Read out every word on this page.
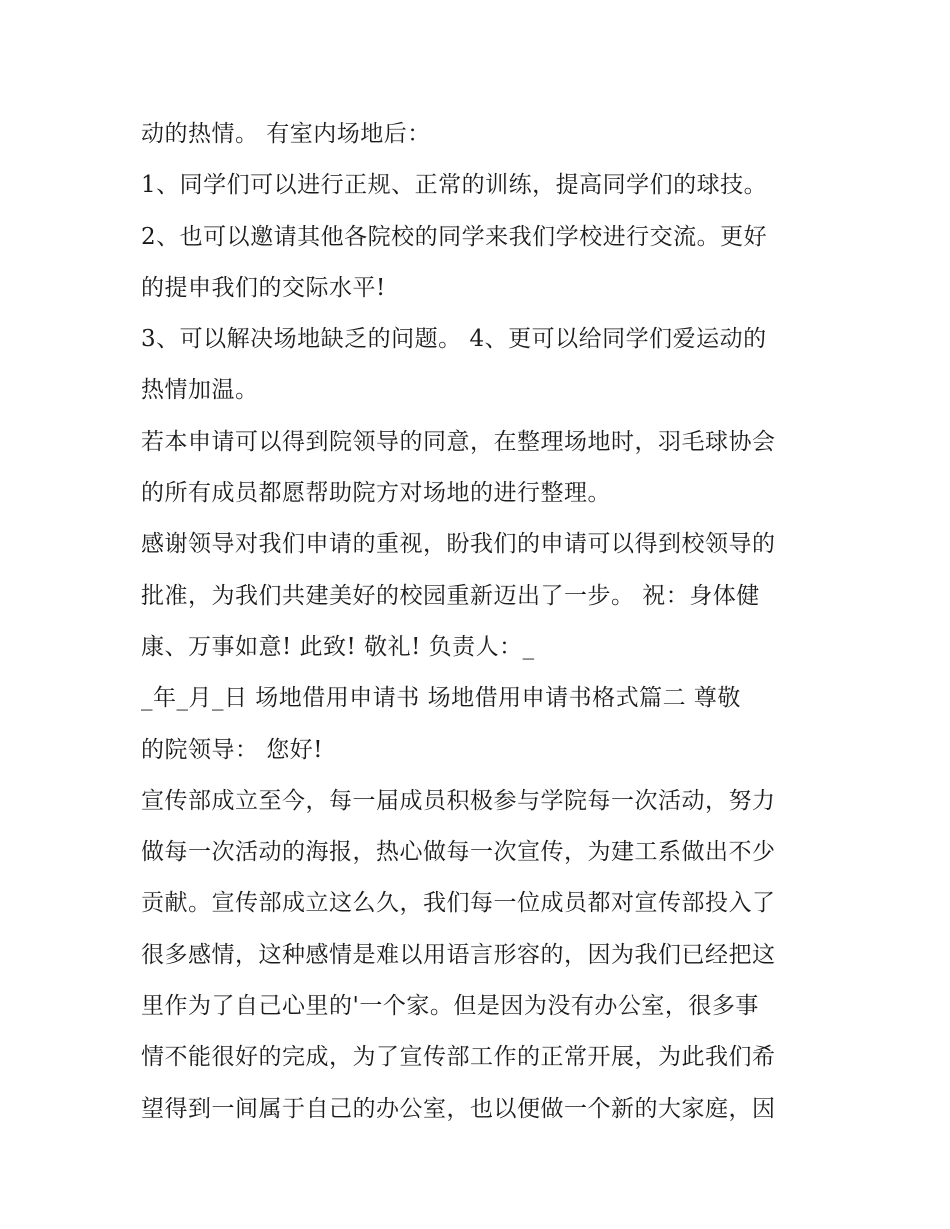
动的热情。 有室内场地后：
1、同学们可以进行正规、正常的训练，提高同学们的球技。
2、也可以邀请其他各院校的同学来我们学校进行交流。更好
的提申我们的交际水平!
3、可以解决场地缺乏的问题。 4、更可以给同学们爱运动的
热情加温。
若本申请可以得到院领导的同意，在整理场地时，羽毛球协会
的所有成员都愿帮助院方对场地的进行整理。
感谢领导对我们申请的重视，盼我们的申请可以得到校领导的
批准，为我们共建美好的校园重新迈出了一步。 祝：身体健
康、万事如意! 此致! 敬礼! 负责人：_
_年_月_日 场地借用申请书 场地借用申请书格式篇二 尊敬
的院领导： 您好!
宣传部成立至今，每一届成员积极参与学院每一次活动，努力
做每一次活动的海报，热心做每一次宣传，为建工系做出不少
贡献。宣传部成立这么久，我们每一位成员都对宣传部投入了
很多感情，这种感情是难以用语言形容的，因为我们已经把这
里作为了自己心里的'一个家。但是因为没有办公室，很多事
情不能很好的完成，为了宣传部工作的正常开展，为此我们希
望得到一间属于自己的办公室，也以便做一个新的大家庭，因
